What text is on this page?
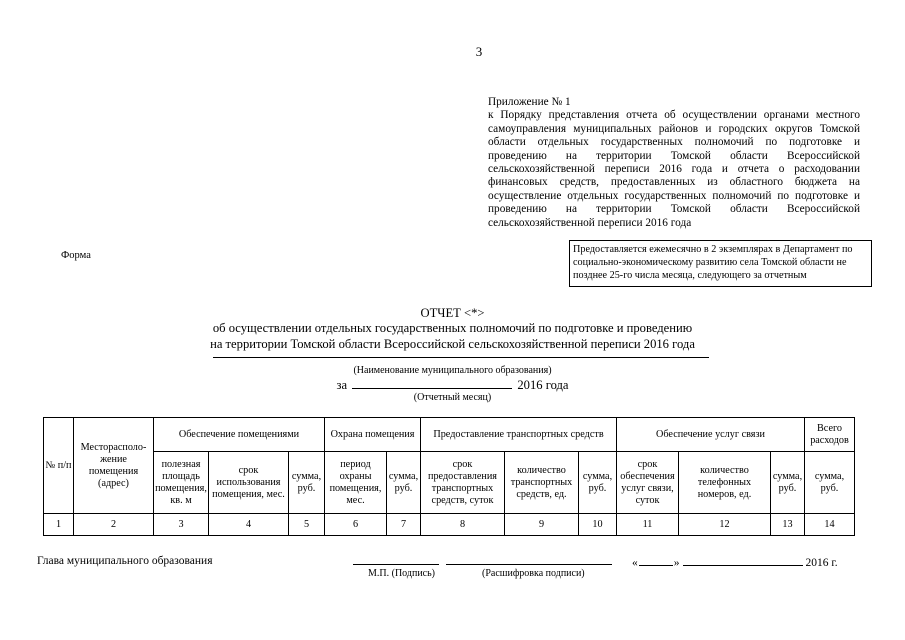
3
Приложение № 1
к Порядку представления отчета об осуществлении органами местного самоуправления муниципальных районов и городских округов Томской области отдельных государственных полномочий по подготовке и проведению на территории Томской области Всероссийской сельскохозяйственной переписи 2016 года и отчета о расходовании финансовых средств, предоставленных из областного бюджета на осуществление отдельных государственных полномочий по подготовке и проведению на территории Томской области Всероссийской сельскохозяйственной переписи 2016 года
Форма
Предоставляется ежемесячно в 2 экземплярах в Департамент по социально-экономическому развитию села Томской области не позднее 25-го числа месяца, следующего за отчетным
ОТЧЕТ <*>
об осуществлении отдельных государственных полномочий по подготовке и проведению
на территории Томской области Всероссийской сельскохозяйственной переписи 2016 года
(Наименование муниципального образования)
за	2016 года
(Отчетный месяц)
№ п/п	Месторасполо-жение помещения (адрес)	Обеспечение помещениями			Охрана помещения		Предоставление транспортных средств			Обеспечение услуг связи			Всего расходов
		полезная площадь помещения, кв. м	срок использования помещения, мес.	сумма, руб.	период охраны помещения, мес.	сумма, руб.	срок предоставления транспортных средств, суток	количество транспортных средств, ед.	сумма, руб.	срок обеспечения услуг связи, суток	количество телефонных номеров, ед.	сумма, руб.	сумма, руб.
1	2	3	4	5	6	7	8	9	10	11	12	13	14
Глава муниципального образования
М.П. (Подпись)	(Расшифровка подписи)
«	»	2016 г.
